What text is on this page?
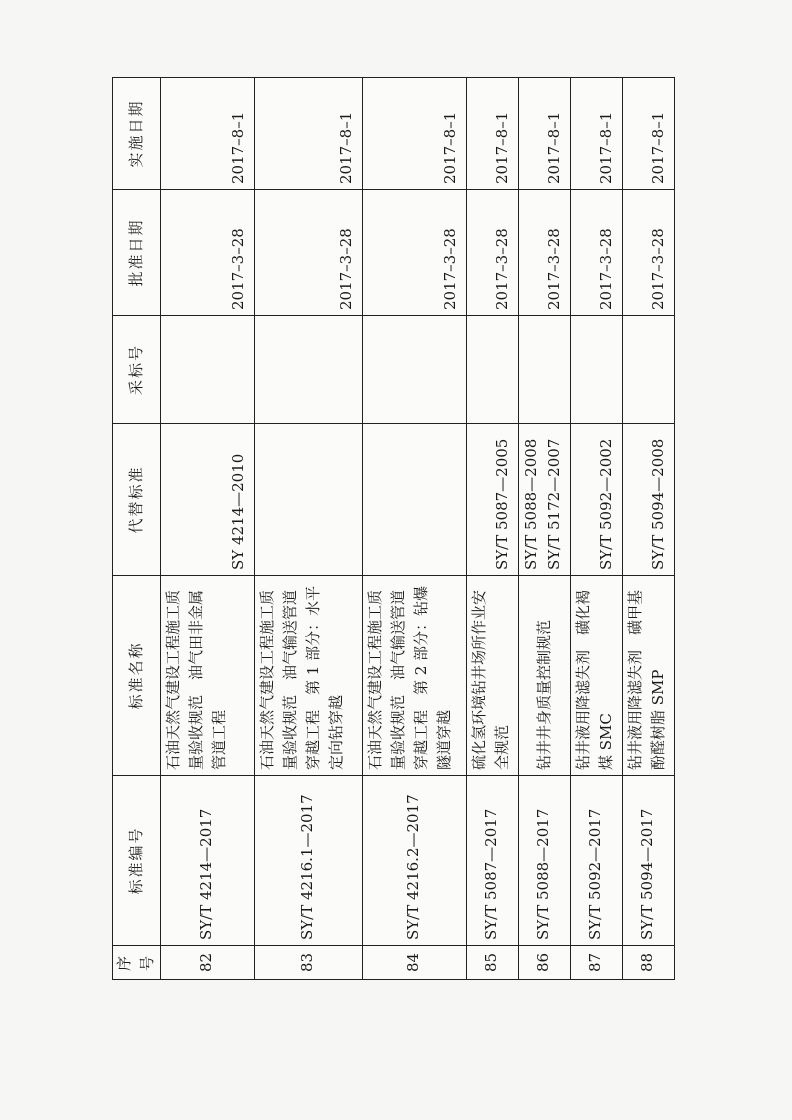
序号	标准编号	标准名称	代替标准	采标号	批准日期	实施日期
82	SY/T 4214—2017	石油天然气建设工程施工质量验收规范　油气田非金属管道工程	SY 4214—2010		2017–3–28	2017–8–1
83	SY/T 4216.1—2017	石油天然气建设工程施工质量验收规范　油气输送管道穿越工程　第 1 部分：水平定向钻穿越			2017–3–28	2017–8–1
84	SY/T 4216.2—2017	石油天然气建设工程施工质量验收规范　油气输送管道穿越工程　第 2 部分：钻爆隧道穿越			2017–3–28	2017–8–1
85	SY/T 5087—2017	硫化氢环境钻井场所作业安全规范	SY/T 5087—2005		2017–3–28	2017–8–1
86	SY/T 5088—2017	钻井井身质量控制规范	SY/T 5088—2008 SY/T 5172—2007		2017–3–28	2017–8–1
87	SY/T 5092—2017	钻井液用降滤失剂　磺化褐煤 SMC	SY/T 5092—2002		2017–3–28	2017–8–1
88	SY/T 5094—2017	钻井液用降滤失剂　磺甲基酚醛树脂 SMP	SY/T 5094—2008		2017–3–28	2017–8–1
